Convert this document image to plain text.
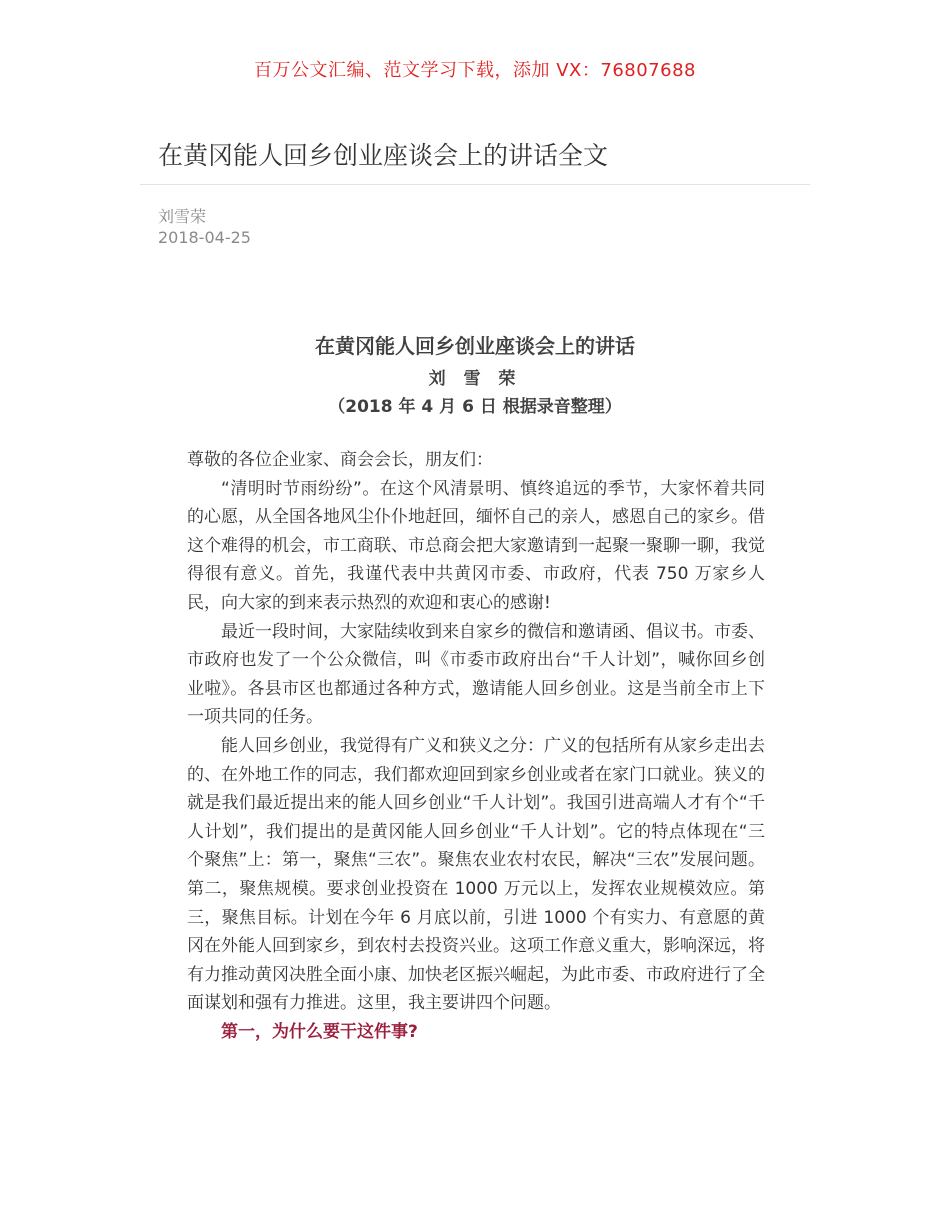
百万公文汇编、范文学习下载，添加 VX：76807688
在黄冈能人回乡创业座谈会上的讲话全文
刘雪荣
2018-04-25
在黄冈能人回乡创业座谈会上的讲话
刘 雪 荣
（2018 年 4 月 6 日 根据录音整理）

尊敬的各位企业家、商会会长，朋友们：

“清明时节雨纷纷”。在这个风清景明、慎终追远的季节，大家怀着共同的心愿，从全国各地风尘仆仆地赶回，缅怀自己的亲人，感恩自己的家乡。借这个难得的机会，市工商联、市总商会把大家邀请到一起聚一聚聊一聊，我觉得很有意义。首先，我谨代表中共黄冈市委、市政府，代表 750 万家乡人民，向大家的到来表示热烈的欢迎和衷心的感谢!

最近一段时间，大家陆续收到来自家乡的微信和邀请函、倡议书。市委、市政府也发了一个公众微信，叫《市委市政府出台“千人计划”，喊你回乡创业啦》。各县市区也都通过各种方式，邀请能人回乡创业。这是当前全市上下一项共同的任务。

能人回乡创业，我觉得有广义和狭义之分：广义的包括所有从家乡走出去的、在外地工作的同志，我们都欢迎回到家乡创业或者在家门口就业。狭义的就是我们最近提出来的能人回乡创业“千人计划”。我国引进高端人才有个“千人计划”，我们提出的是黄冈能人回乡创业“千人计划”。它的特点体现在“三个聚焦”上：第一，聚焦“三农”。聚焦农业农村农民，解决“三农”发展问题。第二，聚焦规模。要求创业投资在 1000 万元以上，发挥农业规模效应。第三，聚焦目标。计划在今年 6 月底以前，引进 1000 个有实力、有意愿的黄冈在外能人回到家乡，到农村去投资兴业。这项工作意义重大，影响深远，将有力推动黄冈决胜全面小康、加快老区振兴崛起，为此市委、市政府进行了全面谋划和强有力推进。这里，我主要讲四个问题。

第一，为什么要干这件事?
